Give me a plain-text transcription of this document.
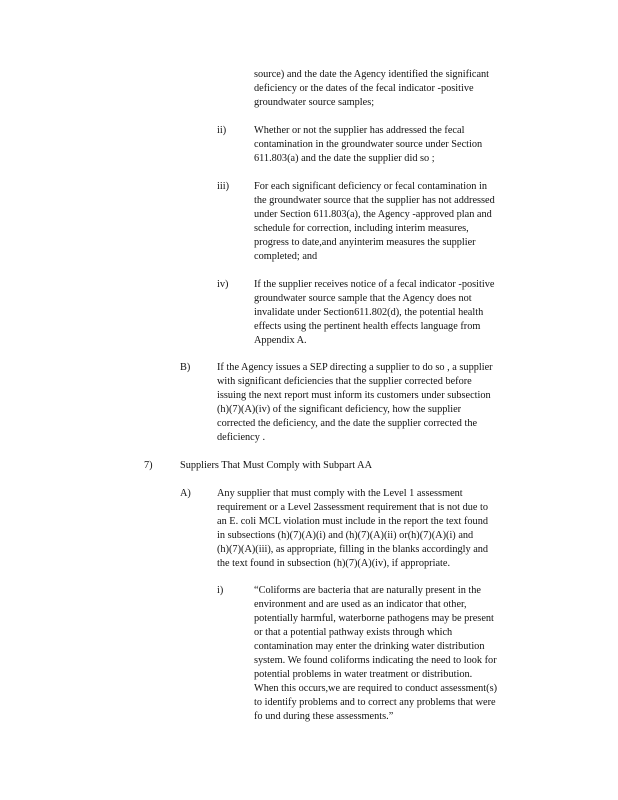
source) and the date the Agency identified the significant

deficiency or the dates of the fecal indicator -positive

groundwater source samples;

ii)	Whether or not the supplier has addressed the fecal

contamination in the groundwater source under Section

611.803(a) and the date the supplier did so ;

iii) For each significant deficiency or fecal contamination in

the groundwater source that the supplier has not addressed

under Section 611.803(a), the Agency -approved plan and

schedule for correction, including interim measures,

progress to date,and anyinterim measures the supplier

completed; and

iv) If the supplier receives notice of a fecal indicator -positive

groundwater source sample that the Agency does not

invalidate under Section611.802(d), the potential health

effects using the pertinent health effects language from

Appendix A.

B)	If the Agency issues a SEP directing a supplier to do so , a supplier

with significant deficiencies that the supplier corrected before

issuing the next report must inform its customers under subsection

(h)(7)(A)(iv) of the significant deficiency, how the supplier

corrected the deficiency, and the date the supplier corrected the

deficiency .

7)	Suppliers That Must Comply with Subpart AA
A)	Any supplier that must comply with the Level 1 assessment

requirement or a Level 2assessment requirement that is not due to

an E. coli MCL violation must include in the report the text found

in subsections (h)(7)(A)(i) and (h)(7)(A)(ii) or(h)(7)(A)(i) and

(h)(7)(A)(iii), as appropriate, filling in the blanks accordingly and

the text found in subsection (h)(7)(A)(iv), if appropriate.

i)	“Coliforms are bacteria that are naturally present in the

environment and are used as an indicator that other,

potentially harmful, waterborne pathogens may be present

or that a potential pathway exists through which

contamination may enter the drinking water distribution

system. We found coliforms indicating the need to look for

potential problems in water treatment or distribution.

When this occurs,we are required to conduct assessment(s)

to identify problems and to correct any problems that were

fo und during these assessments.”
